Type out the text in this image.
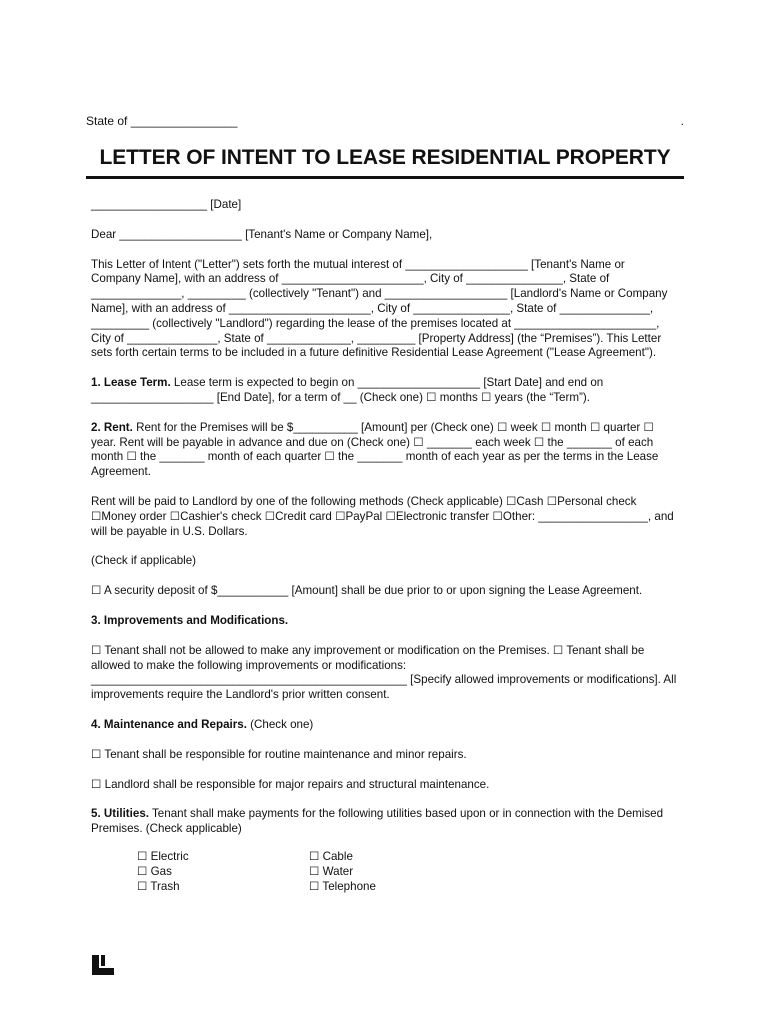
State of ________________	.
LETTER OF INTENT TO LEASE RESIDENTIAL PROPERTY

__________________ [Date]

Dear ___________________ [Tenant's Name or Company Name],

This Letter of Intent ("Letter") sets forth the mutual interest of ___________________ [Tenant's Name or Company Name], with an address of ______________________, City of _______________, State of ______________, _________ (collectively "Tenant") and ___________________ [Landlord's Name or Company Name], with an address of ______________________, City of _______________, State of ______________, _________ (collectively "Landlord") regarding the lease of the premises located at ______________________, City of ______________, State of _____________, _________ [Property Address] (the “Premises”). This Letter sets forth certain terms to be included in a future definitive Residential Lease Agreement ("Lease Agreement").

1. Lease Term. Lease term is expected to begin on ___________________ [Start Date] and end on ___________________ [End Date], for a term of __ (Check one) ☐ months ☐ years (the “Term”).

2. Rent. Rent for the Premises will be $__________ [Amount] per (Check one) ☐ week ☐ month ☐ quarter ☐ year. Rent will be payable in advance and due on (Check one) ☐ _______ each week ☐ the _______ of each month ☐ the _______ month of each quarter ☐ the _______ month of each year as per the terms in the Lease Agreement.

Rent will be paid to Landlord by one of the following methods (Check applicable) ☐Cash ☐Personal check ☐Money order ☐Cashier's check ☐Credit card ☐PayPal ☐Electronic transfer ☐Other: _________________, and will be payable in U.S. Dollars.

(Check if applicable)

☐ A security deposit of $___________ [Amount] shall be due prior to or upon signing the Lease Agreement.

3. Improvements and Modifications.

☐ Tenant shall not be allowed to make any improvement or modification on the Premises. ☐ Tenant shall be allowed to make the following improvements or modifications: _________________________________________________ [Specify allowed improvements or modifications]. All improvements require the Landlord's prior written consent.

4. Maintenance and Repairs. (Check one)

☐ Tenant shall be responsible for routine maintenance and minor repairs.

☐ Landlord shall be responsible for major repairs and structural maintenance.

5. Utilities. Tenant shall make payments for the following utilities based upon or in connection with the Demised Premises. (Check applicable)

☐ Electric
☐ Gas
☐ Trash
☐ Cable
☐ Water
☐ Telephone
